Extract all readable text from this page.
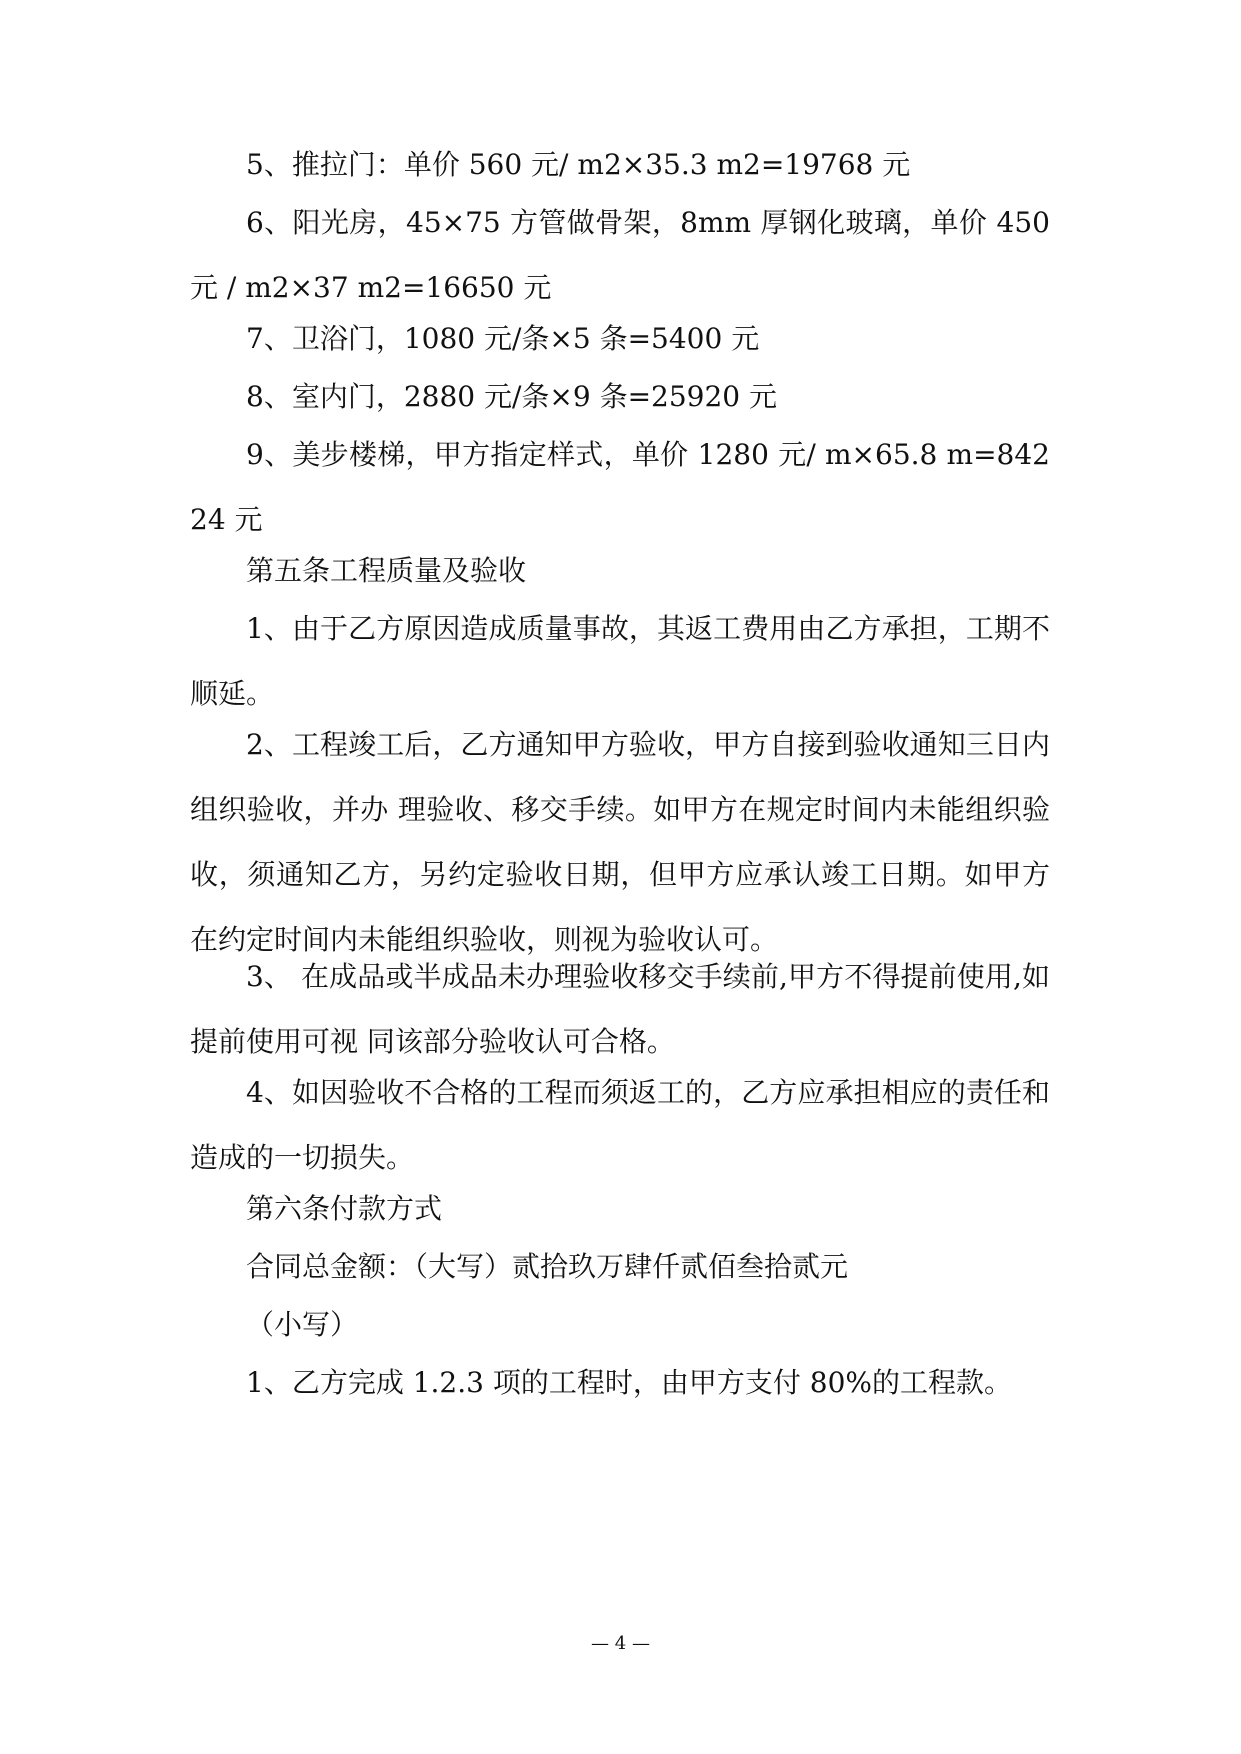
5、推拉门：单价 560 元/ m2×35.3 m2=19768 元

6、阳光房，45×75 方管做骨架，8mm 厚钢化玻璃，单价 450 元 / m2×37 m2=16650 元

7、卫浴门，1080 元/条×5 条=5400 元

8、室内门，2880 元/条×9 条=25920 元

9、美步楼梯，甲方指定样式，单价 1280 元/ m×65.8 m=84224 元

第五条工程质量及验收

1、由于乙方原因造成质量事故，其返工费用由乙方承担，工期不顺延。

2、工程竣工后，乙方通知甲方验收，甲方自接到验收通知三日内组织验收，并办 理验收、移交手续。如甲方在规定时间内未能组织验收，须通知乙方，另约定验收日期，但甲方应承认竣工日期。如甲方在约定时间内未能组织验收，则视为验收认可。

3、 在成品或半成品未办理验收移交手续前,甲方不得提前使用,如提前使用可视 同该部分验收认可合格。

4、如因验收不合格的工程而须返工的，乙方应承担相应的责任和造成的一切损失。

第六条付款方式

合同总金额：（大写）贰拾玖万肆仟贰佰叁拾贰元

（小写）

1、乙方完成 1.2.3 项的工程时，由甲方支付 80%的工程款。

— 4 —
